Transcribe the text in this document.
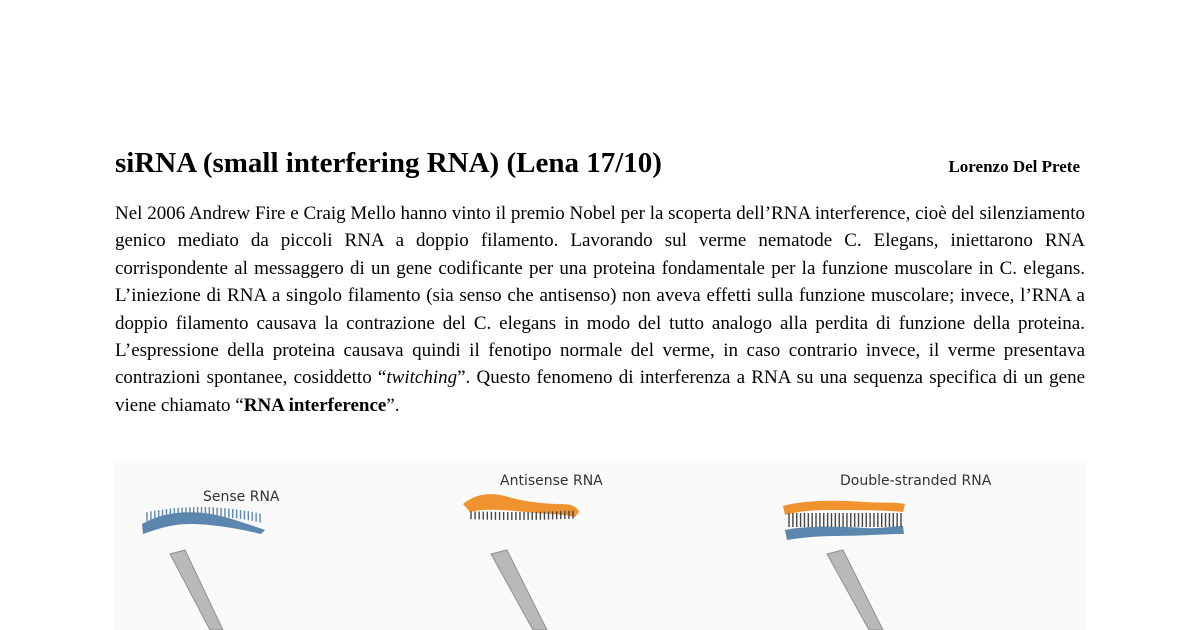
siRNA (small interfering RNA) (Lena 17/10)	Lorenzo Del Prete

Nel 2006 Andrew Fire e Craig Mello hanno vinto il premio Nobel per la scoperta dell’RNA interference, cioè del silenziamento genico mediato da piccoli RNA a doppio filamento. Lavorando sul verme nematode C. Elegans, iniettarono RNA corrispondente al messaggero di un gene codificante per una proteina fondamentale per la funzione muscolare in C. elegans. L’iniezione di RNA a singolo filamento (sia senso che antisenso) non aveva effetti sulla funzione muscolare; invece, l’RNA a doppio filamento causava la contrazione del C. elegans in modo del tutto analogo alla perdita di funzione della proteina. L’espressione della proteina causava quindi il fenotipo normale del verme, in caso contrario invece, il verme presentava contrazioni spontanee, cosiddetto “twitching”. Questo fenomeno di interferenza a RNA su una sequenza specifica di un gene viene chiamato “RNA interference”.

Sense RNA
Antisense RNA	Double-stranded RNA
